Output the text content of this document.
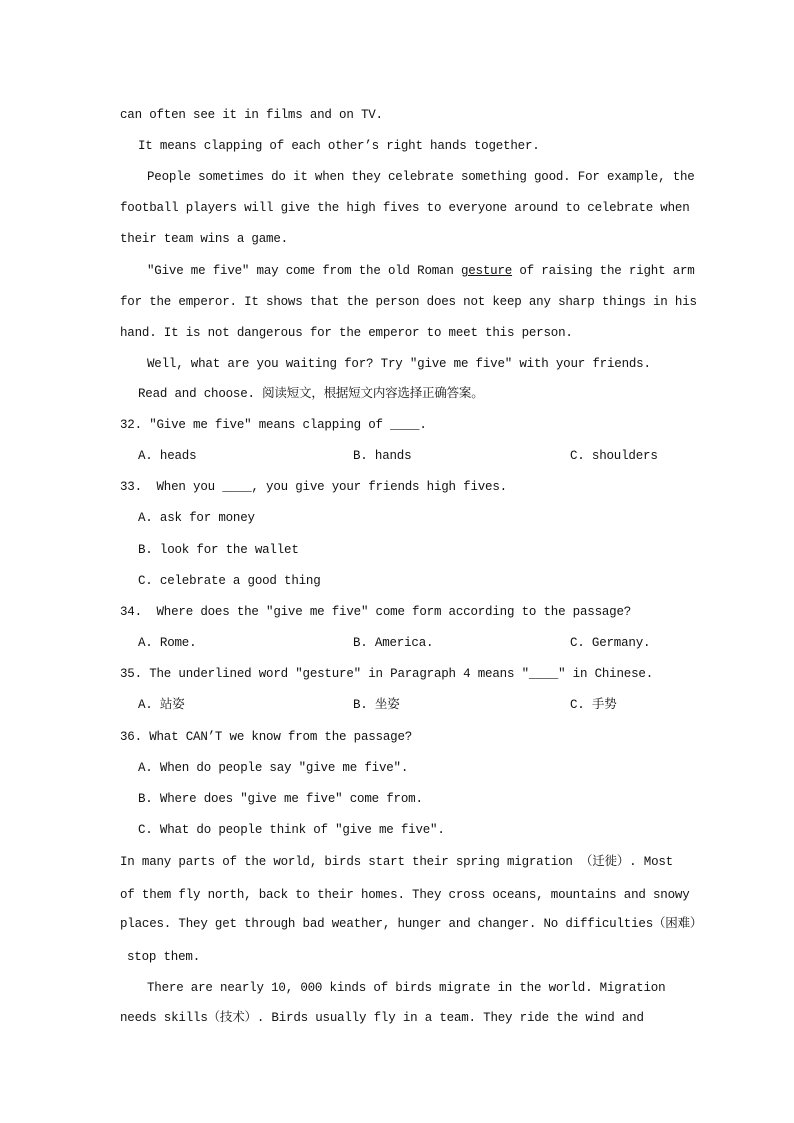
can often see it in films and on TV.
It means clapping of each other’s right hands together.
People sometimes do it when they celebrate something good. For example, the
football players will give the high fives to everyone around to celebrate when
their team wins a game.
"Give me five" may come from the old Roman gesture of raising the right arm
for the emperor. It shows that the person does not keep any sharp things in his
hand. It is not dangerous for the emperor to meet this person.
Well, what are you waiting for? Try "give me five" with your friends.
Read and choose. 阅读短文，根据短文内容选择正确答案。
32. "Give me five" means clapping of ____.
A. heads	B. hands	C. shoulders
33.  When you ____, you give your friends high fives.
A. ask for money
B. look for the wallet
C. celebrate a good thing
34.  Where does the "give me five" come form according to the passage?
A. Rome.	B. America.	C. Germany.
35. The underlined word "gesture" in Paragraph 4 means "____" in Chinese.
A. 站姿	B. 坐姿	C. 手势
36. What CAN’T we know from the passage?
A. When do people say "give me five".
B. Where does "give me five" come from.
C. What do people think of "give me five".
In many parts of the world, birds start their spring migration （迁徙）. Most
of them fly north, back to their homes. They cross oceans, mountains and snowy
places. They get through bad weather, hunger and changer. No difficulties（困难）
stop them.
There are nearly 10, 000 kinds of birds migrate in the world. Migration
needs skills（技术）. Birds usually fly in a team. They ride the wind and
